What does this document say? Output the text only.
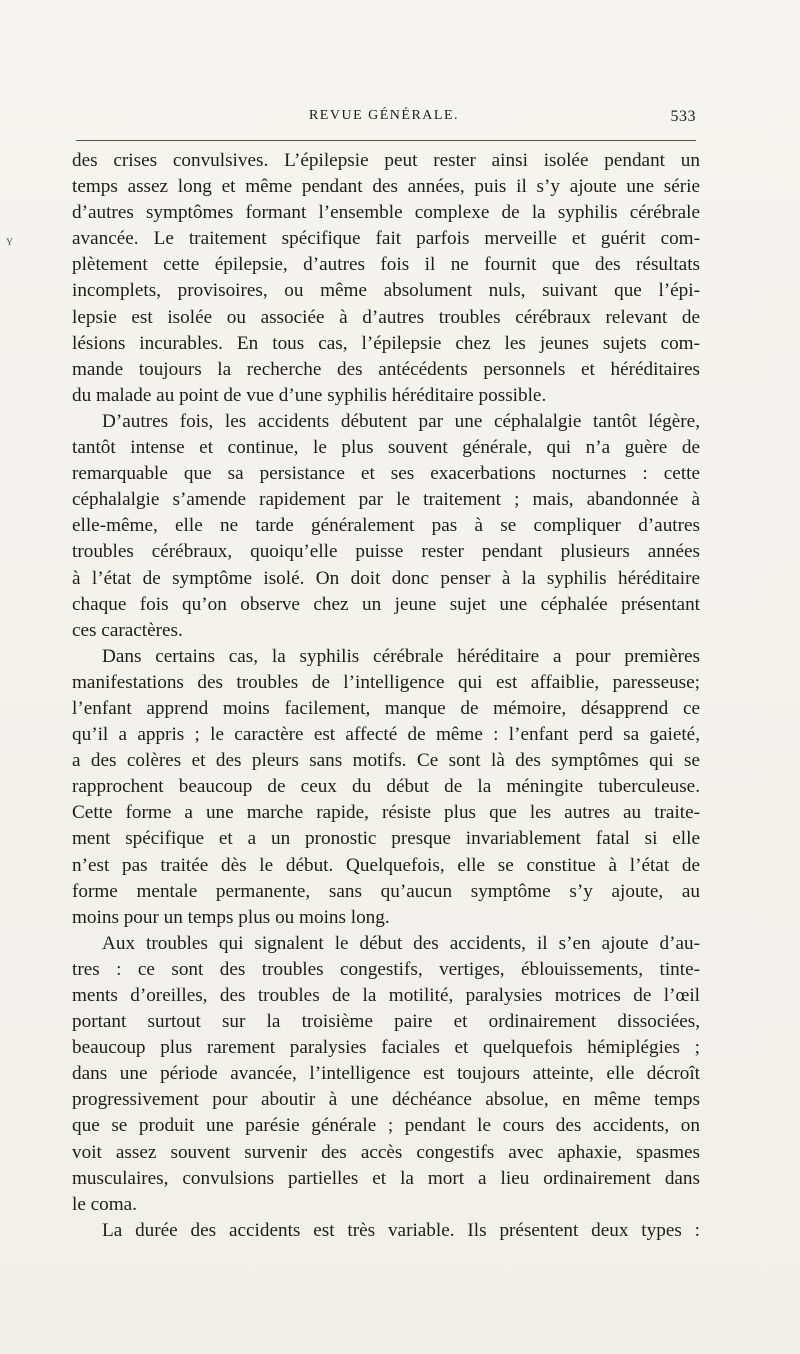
REVUE GÉNÉRALE.	533
ʏ
des crises convulsives. L’épilepsie peut rester ainsi isolée pendant un
temps assez long et même pendant des années, puis il s’y ajoute une série
d’autres symptômes formant l’ensemble complexe de la syphilis cérébrale
avancée. Le traitement spécifique fait parfois merveille et guérit com-
plètement cette épilepsie, d’autres fois il ne fournit que des résultats
incomplets, provisoires, ou même absolument nuls, suivant que l’épi-
lepsie est isolée ou associée à d’autres troubles cérébraux relevant de
lésions incurables. En tous cas, l’épilepsie chez les jeunes sujets com-
mande toujours la recherche des antécédents personnels et héréditaires
du malade au point de vue d’une syphilis héréditaire possible.
D’autres fois, les accidents débutent par une céphalalgie tantôt légère,
tantôt intense et continue, le plus souvent générale, qui n’a guère de
remarquable que sa persistance et ses exacerbations nocturnes : cette
céphalalgie s’amende rapidement par le traitement ; mais, abandonnée à
elle-même, elle ne tarde généralement pas à se compliquer d’autres
troubles cérébraux, quoiqu’elle puisse rester pendant plusieurs années
à l’état de symptôme isolé. On doit donc penser à la syphilis héréditaire
chaque fois qu’on observe chez un jeune sujet une céphalée présentant
ces caractères.
Dans certains cas, la syphilis cérébrale héréditaire a pour premières
manifestations des troubles de l’intelligence qui est affaiblie, paresseuse;
l’enfant apprend moins facilement, manque de mémoire, désapprend ce
qu’il a appris ; le caractère est affecté de même : l’enfant perd sa gaieté,
a des colères et des pleurs sans motifs. Ce sont là des symptômes qui se
rapprochent beaucoup de ceux du début de la méningite tuberculeuse.
Cette forme a une marche rapide, résiste plus que les autres au traite-
ment spécifique et a un pronostic presque invariablement fatal si elle
n’est pas traitée dès le début. Quelquefois, elle se constitue à l’état de
forme mentale permanente, sans qu’aucun symptôme s’y ajoute, au
moins pour un temps plus ou moins long.
Aux troubles qui signalent le début des accidents, il s’en ajoute d’au-
tres : ce sont des troubles congestifs, vertiges, éblouissements, tinte-
ments d’oreilles, des troubles de la motilité, paralysies motrices de l’œil
portant surtout sur la troisième paire et ordinairement dissociées,
beaucoup plus rarement paralysies faciales et quelquefois hémiplégies ;
dans une période avancée, l’intelligence est toujours atteinte, elle décroît
progressivement pour aboutir à une déchéance absolue, en même temps
que se produit une parésie générale ; pendant le cours des accidents, on
voit assez souvent survenir des accès congestifs avec aphaxie, spasmes
musculaires, convulsions partielles et la mort a lieu ordinairement dans
le coma.
La durée des accidents est très variable. Ils présentent deux types :
